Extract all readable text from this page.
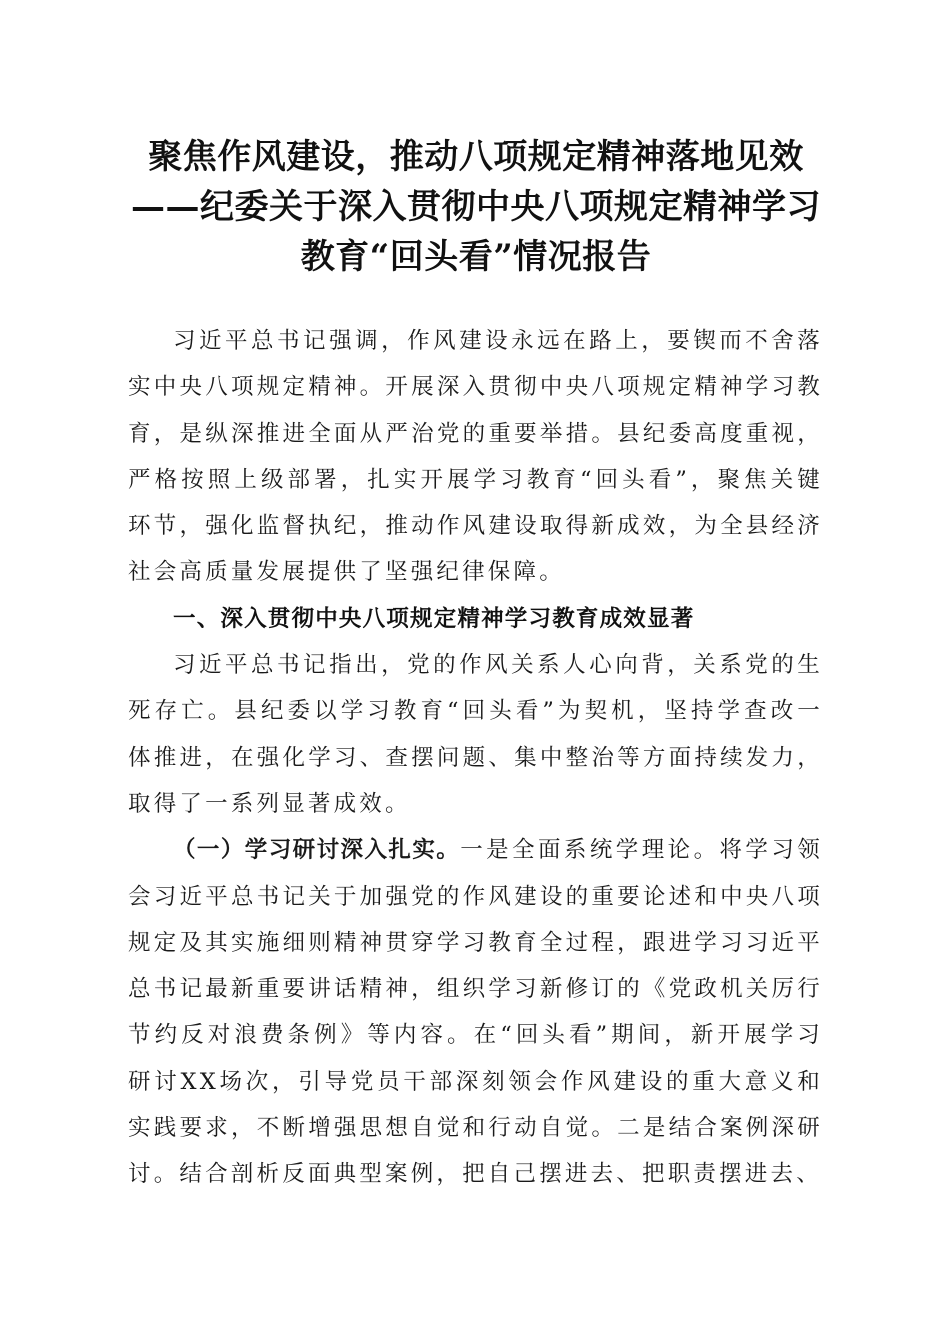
聚焦作风建设，推动八项规定精神落地见效——纪委关于深入贯彻中央八项规定精神学习教育“回头看”情况报告

习近平总书记强调，作风建设永远在路上，要锲而不舍落实中央八项规定精神。开展深入贯彻中央八项规定精神学习教育，是纵深推进全面从严治党的重要举措。县纪委高度重视，严格按照上级部署，扎实开展学习教育“回头看”，聚焦关键环节，强化监督执纪，推动作风建设取得新成效，为全县经济社会高质量发展提供了坚强纪律保障。

一、深入贯彻中央八项规定精神学习教育成效显著

习近平总书记指出，党的作风关系人心向背，关系党的生死存亡。县纪委以学习教育“回头看”为契机，坚持学查改一体推进，在强化学习、查摆问题、集中整治等方面持续发力，取得了一系列显著成效。

（一）学习研讨深入扎实。一是全面系统学理论。将学习领会习近平总书记关于加强党的作风建设的重要论述和中央八项规定及其实施细则精神贯穿学习教育全过程，跟进学习习近平总书记最新重要讲话精神，组织学习新修订的《党政机关厉行节约反对浪费条例》等内容。在“回头看”期间，新开展学习研讨XX场次，引导党员干部深刻领会作风建设的重大意义和实践要求，不断增强思想自觉和行动自觉。二是结合案例深研讨。结合剖析反面典型案例，把自己摆进去、把职责摆进去、
